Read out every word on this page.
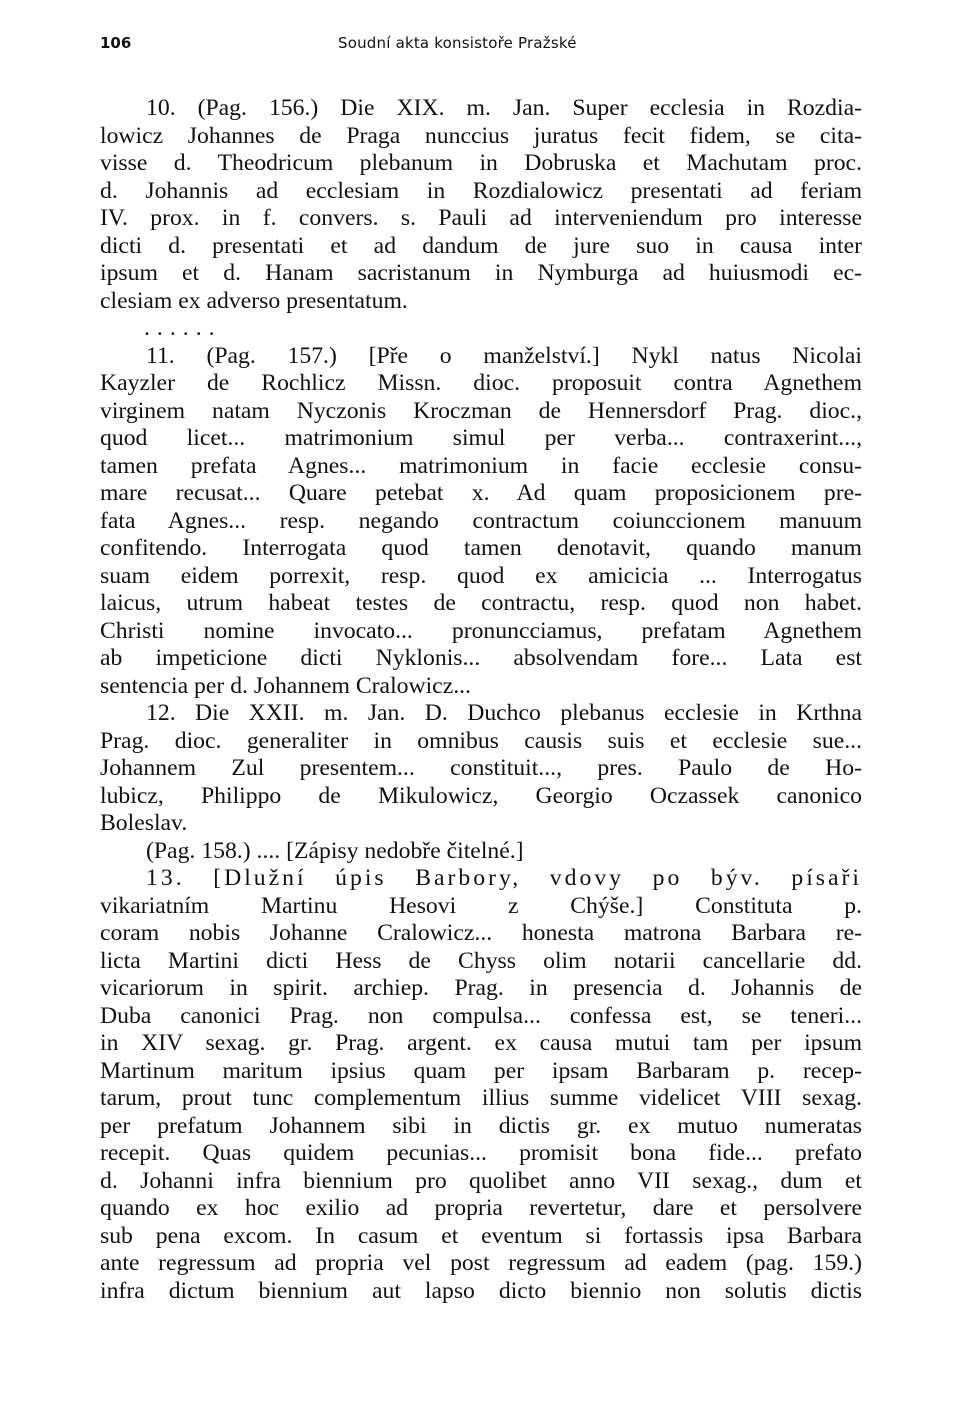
106	Soudní akta konsistoře Pražské
10. (Pag. 156.) Die XIX. m. Jan. Super ecclesia in Rozdia-
lowicz Johannes de Praga nunccius juratus fecit fidem, se cita-
visse d. Theodricum plebanum in Dobruska et Machutam proc.
d. Johannis ad ecclesiam in Rozdialowicz presentati ad feriam
IV. prox. in f. convers. s. Pauli ad interveniendum pro interesse
dicti d. presentati et ad dandum de jure suo in causa inter
ipsum et d. Hanam sacristanum in Nymburga ad huiusmodi ec-
clesiam ex adverso presentatum.
......
11. (Pag. 157.) [Pře o manželství.] Nykl natus Nicolai
Kayzler de Rochlicz Missn. dioc. proposuit contra Agnethem
virginem natam Nyczonis Kroczman de Hennersdorf Prag. dioc.,
quod licet... matrimonium simul per verba... contraxerint...,
tamen prefata Agnes... matrimonium in facie ecclesie consu-
mare recusat... Quare petebat x. Ad quam proposicionem pre-
fata Agnes... resp. negando contractum coiunccionem manuum
confitendo. Interrogata quod tamen denotavit, quando manum
suam eidem porrexit, resp. quod ex amicicia ... Interrogatus
laicus, utrum habeat testes de contractu, resp. quod non habet.
Christi nomine invocato... pronuncciamus, prefatam Agnethem
ab impeticione dicti Nyklonis... absolvendam fore... Lata est
sentencia per d. Johannem Cralowicz...
12. Die XXII. m. Jan. D. Duchco plebanus ecclesie in Krthna
Prag. dioc. generaliter in omnibus causis suis et ecclesie sue...
Johannem Zul presentem... constituit..., pres. Paulo de Ho-
lubicz, Philippo de Mikulowicz, Georgio Oczassek canonico
Boleslav.
(Pag. 158.) .... [Zápisy nedobře čitelné.]
13. [Dlužní úpis Barbory, vdovy po býv. písaři
vikariatním Martinu Hesovi z Chýše.] Constituta p.
coram nobis Johanne Cralowicz... honesta matrona Barbara re-
licta Martini dicti Hess de Chyss olim notarii cancellarie dd.
vicariorum in spirit. archiep. Prag. in presencia d. Johannis de
Duba canonici Prag. non compulsa... confessa est, se teneri...
in XIV sexag. gr. Prag. argent. ex causa mutui tam per ipsum
Martinum maritum ipsius quam per ipsam Barbaram p. recep-
tarum, prout tunc complementum illius summe videlicet VIII sexag.
per prefatum Johannem sibi in dictis gr. ex mutuo numeratas
recepit. Quas quidem pecunias... promisit bona fide... prefato
d. Johanni infra biennium pro quolibet anno VII sexag., dum et
quando ex hoc exilio ad propria revertetur, dare et persolvere
sub pena excom. In casum et eventum si fortassis ipsa Barbara
ante regressum ad propria vel post regressum ad eadem (pag. 159.)
infra dictum biennium aut lapso dicto biennio non solutis dictis
